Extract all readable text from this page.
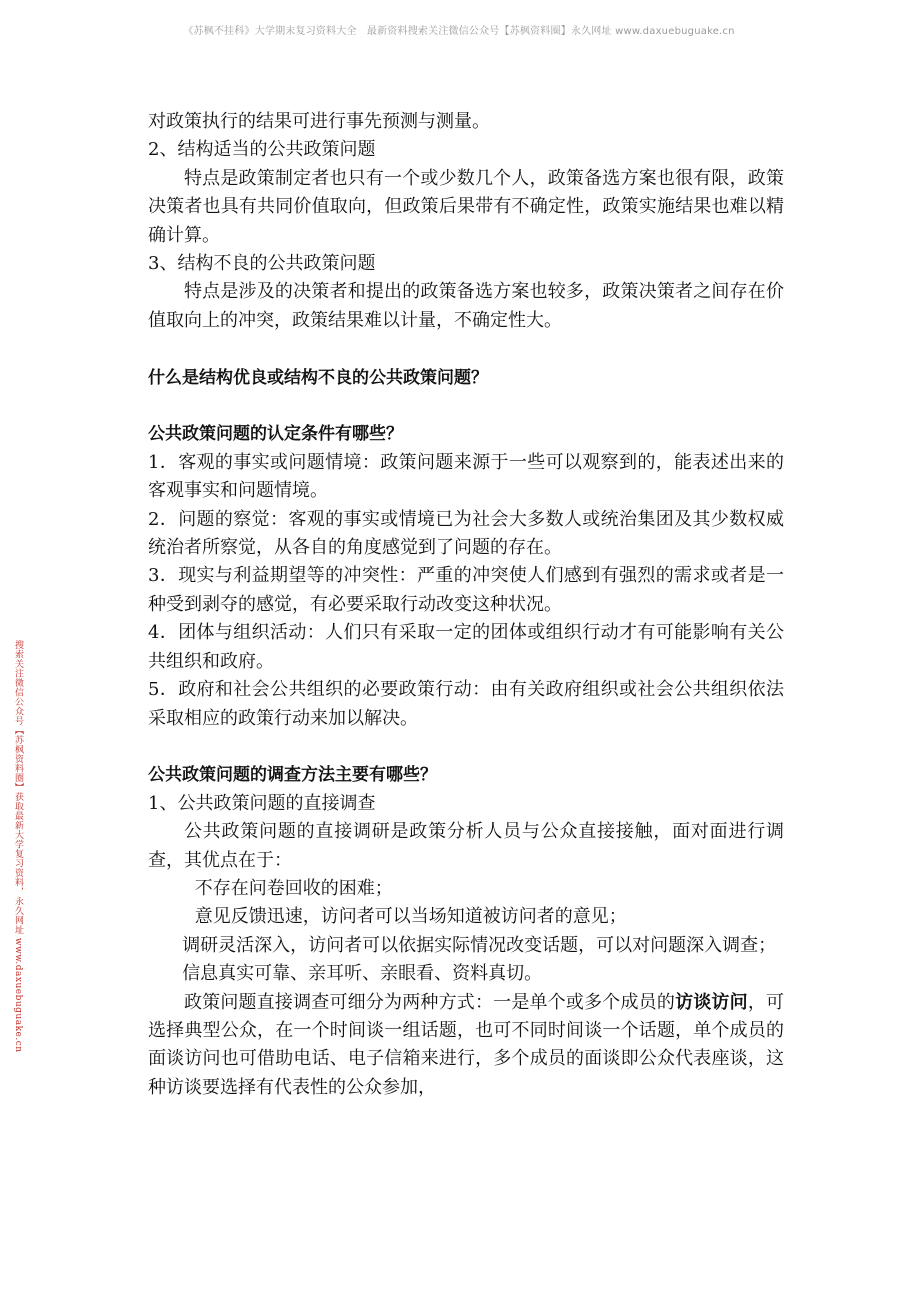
《苏枫不挂科》大学期末复习资料大全　最新资料搜索关注微信公众号【苏枫资料圈】永久网址 www.daxuebuguake.cn
搜索关注微信公众号【苏枫资料圈】获取最新大学复习资料，永久网址 www.daxuebuguake.cn

对政策执行的结果可进行事先预测与测量。

2、结构适当的公共政策问题

特点是政策制定者也只有一个或少数几个人，政策备选方案也很有限，政策决策者也具有共同价值取向，但政策后果带有不确定性，政策实施结果也难以精确计算。

3、结构不良的公共政策问题

特点是涉及的决策者和提出的政策备选方案也较多，政策决策者之间存在价值取向上的冲突，政策结果难以计量，不确定性大。

什么是结构优良或结构不良的公共政策问题？

公共政策问题的认定条件有哪些？

1．客观的事实或问题情境：政策问题来源于一些可以观察到的，能表述出来的客观事实和问题情境。

2．问题的察觉：客观的事实或情境已为社会大多数人或统治集团及其少数权威统治者所察觉，从各自的角度感觉到了问题的存在。

3．现实与利益期望等的冲突性：严重的冲突使人们感到有强烈的需求或者是一种受到剥夺的感觉，有必要采取行动改变这种状况。

4．团体与组织活动：人们只有采取一定的团体或组织行动才有可能影响有关公共组织和政府。

5．政府和社会公共组织的必要政策行动：由有关政府组织或社会公共组织依法采取相应的政策行动来加以解决。

公共政策问题的调查方法主要有哪些？

1、公共政策问题的直接调查

公共政策问题的直接调研是政策分析人员与公众直接接触，面对面进行调查，其优点在于：

不存在问卷回收的困难；

意见反馈迅速，访问者可以当场知道被访问者的意见；

调研灵活深入，访问者可以依据实际情况改变话题，可以对问题深入调查；

信息真实可靠、亲耳听、亲眼看、资料真切。

政策问题直接调查可细分为两种方式：一是单个或多个成员的访谈访问，可选择典型公众，在一个时间谈一组话题，也可不同时间谈一个话题，单个成员的面谈访问也可借助电话、电子信箱来进行，多个成员的面谈即公众代表座谈，这种访谈要选择有代表性的公众参加，
